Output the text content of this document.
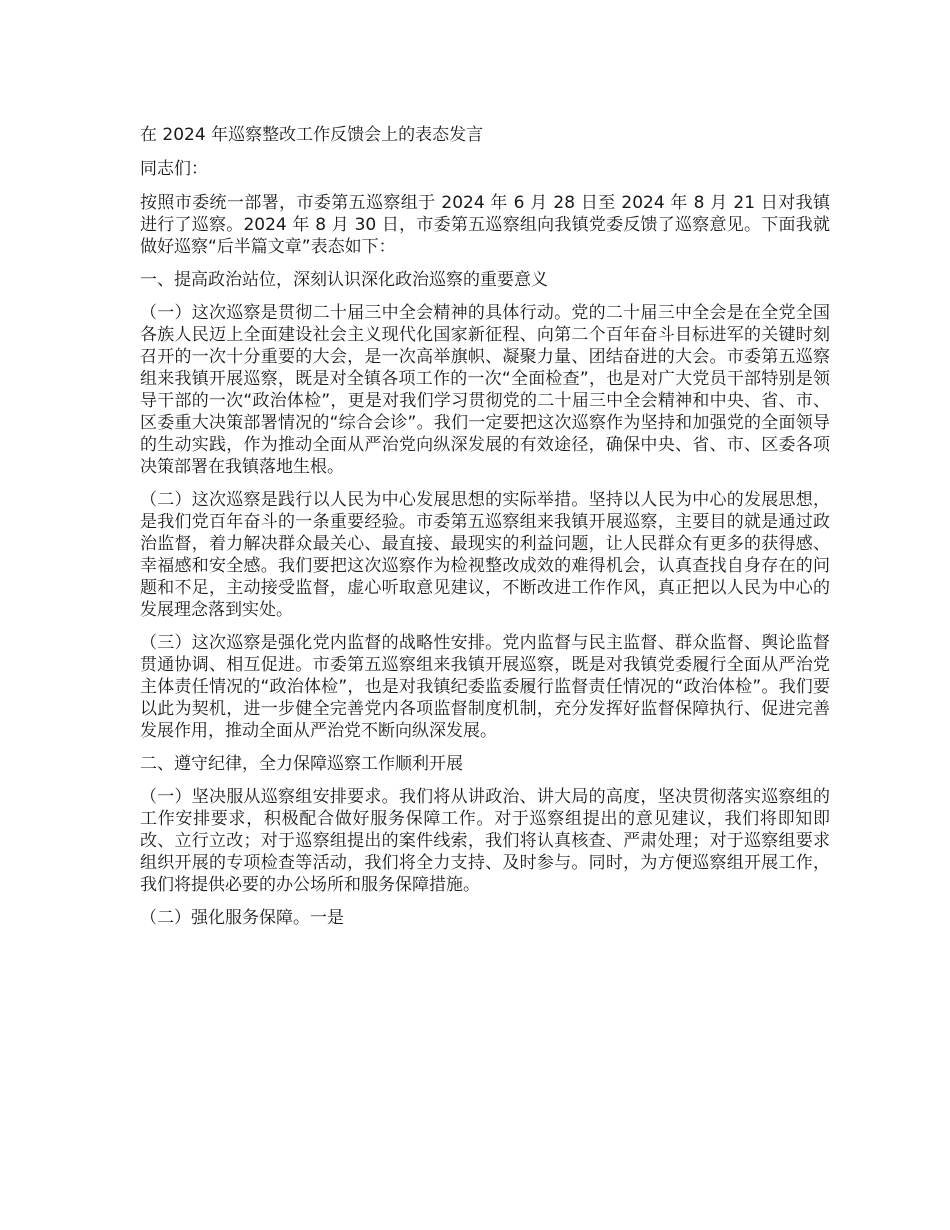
在 2024 年巡察整改工作反馈会上的表态发言

同志们：

按照市委统一部署，市委第五巡察组于 2024 年 6 月 28 日至 2024 年 8 月 21 日对我镇进行了巡察。2024 年 8 月 30 日，市委第五巡察组向我镇党委反馈了巡察意见。下面我就做好巡察“后半篇文章”表态如下：

一、提高政治站位，深刻认识深化政治巡察的重要意义

（一）这次巡察是贯彻二十届三中全会精神的具体行动。党的二十届三中全会是在全党全国各族人民迈上全面建设社会主义现代化国家新征程、向第二个百年奋斗目标进军的关键时刻召开的一次十分重要的大会，是一次高举旗帜、凝聚力量、团结奋进的大会。市委第五巡察组来我镇开展巡察，既是对全镇各项工作的一次“全面检查”，也是对广大党员干部特别是领导干部的一次“政治体检”，更是对我们学习贯彻党的二十届三中全会精神和中央、省、市、区委重大决策部署情况的“综合会诊”。我们一定要把这次巡察作为坚持和加强党的全面领导的生动实践，作为推动全面从严治党向纵深发展的有效途径，确保中央、省、市、区委各项决策部署在我镇落地生根。

（二）这次巡察是践行以人民为中心发展思想的实际举措。坚持以人民为中心的发展思想，是我们党百年奋斗的一条重要经验。市委第五巡察组来我镇开展巡察，主要目的就是通过政治监督，着力解决群众最关心、最直接、最现实的利益问题，让人民群众有更多的获得感、幸福感和安全感。我们要把这次巡察作为检视整改成效的难得机会，认真查找自身存在的问题和不足，主动接受监督，虚心听取意见建议，不断改进工作作风，真正把以人民为中心的发展理念落到实处。

（三）这次巡察是强化党内监督的战略性安排。党内监督与民主监督、群众监督、舆论监督贯通协调、相互促进。市委第五巡察组来我镇开展巡察，既是对我镇党委履行全面从严治党主体责任情况的“政治体检”，也是对我镇纪委监委履行监督责任情况的“政治体检”。我们要以此为契机，进一步健全完善党内各项监督制度机制，充分发挥好监督保障执行、促进完善发展作用，推动全面从严治党不断向纵深发展。

二、遵守纪律，全力保障巡察工作顺利开展

（一）坚决服从巡察组安排要求。我们将从讲政治、讲大局的高度，坚决贯彻落实巡察组的工作安排要求，积极配合做好服务保障工作。对于巡察组提出的意见建议，我们将即知即改、立行立改；对于巡察组提出的案件线索，我们将认真核查、严肃处理；对于巡察组要求组织开展的专项检查等活动，我们将全力支持、及时参与。同时，为方便巡察组开展工作，我们将提供必要的办公场所和服务保障措施。

（二）强化服务保障。一是
